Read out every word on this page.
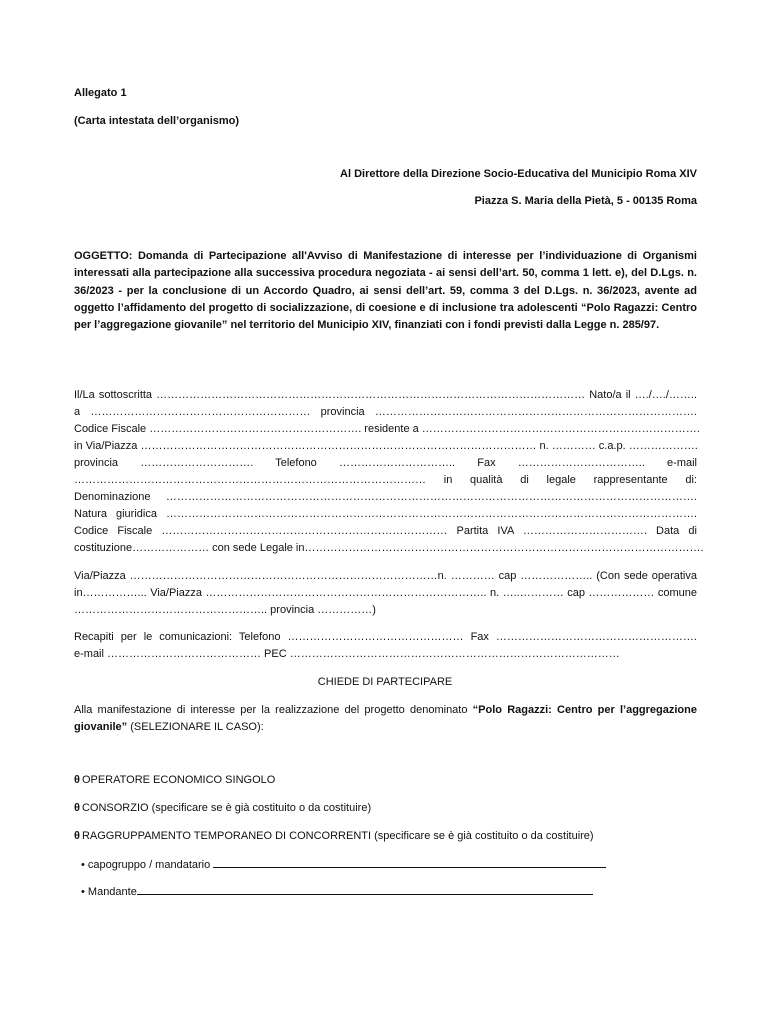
Allegato 1
(Carta intestata dell’organismo)
Al Direttore della Direzione Socio-Educativa del Municipio Roma XIV
Piazza S. Maria della Pietà, 5 - 00135 Roma
OGGETTO: Domanda di Partecipazione all'Avviso di Manifestazione di interesse per l’individuazione di Organismi interessati alla partecipazione alla successiva procedura negoziata - ai sensi dell’art. 50, comma 1 lett. e), del D.Lgs. n. 36/2023 - per la conclusione di un Accordo Quadro, ai sensi dell’art. 59, comma 3 del D.Lgs. n. 36/2023, avente ad oggetto l’affidamento del progetto di socializzazione, di coesione e di inclusione tra adolescenti “Polo Ragazzi: Centro per l’aggregazione giovanile” nel territorio del Municipio XIV, finanziati con i fondi previsti dalla Legge n. 285/97.
Il/La sottoscritta ……………………………………………………………………………………………………… Nato/a il …./…./……..
a …………………………………………………… provincia …………………………………………………………………………….
Codice Fiscale …………………………………………………. residente a ………………………………………………………………….
in Via/Piazza ……………………………………………………………………………………………… n. ………… c.a.p. ……………….
provincia …………………………. Telefono ………………………….. Fax …………………………….. e-mail
…………………………………………………………………………………… in qualità di legale rappresentante di:
Denominazione ……………………………………………………………………………………………………………………………….
Natura giuridica ……………………………………………………………………………………………………………………………….
Codice Fiscale …………………………………………………………………… Partita IVA ……………………………. Data di
costituzione………………… con sede Legale in……………………………………………………………………………………………….
Via/Piazza …………………………………………………………………………n. ………… cap ……………….. (Con sede operativa
in……………... Via/Piazza ………………………………………………………………….. n. …..………… cap ……………… comune
…………………………………………….. provincia ……………)
Recapiti per le comunicazioni: Telefono ………………………………………… Fax ……………………………………………….
e-mail …………………………………… PEC ………………………………………………………………………………
CHIEDE DI PARTECIPARE
Alla manifestazione di interesse per la realizzazione del progetto denominato “Polo Ragazzi: Centro per l’aggregazione giovanile” (SELEZIONARE IL CASO):
θ OPERATORE ECONOMICO SINGOLO
θ CONSORZIO (specificare se è già costituito o da costituire)
θ RAGGRUPPAMENTO TEMPORANEO DI CONCORRENTI (specificare se è già costituito o da costituire)
• capogruppo / mandatario
• Mandante
